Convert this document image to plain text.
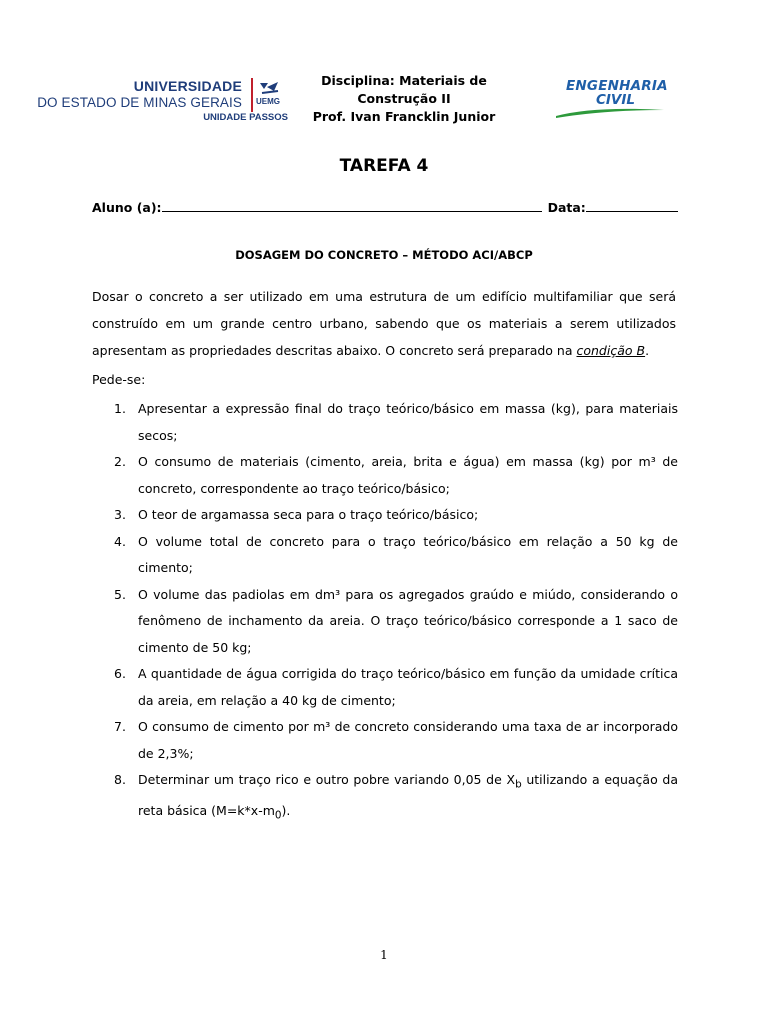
UNIVERSIDADE
DO ESTADO DE MINAS GERAIS
UNIDADE PASSOS
UEMG
Disciplina: Materiais de Construção II
Prof. Ivan Francklin Junior
ENGENHARIA
CIVIL
TAREFA 4
Aluno (a):	Data:
DOSAGEM DO CONCRETO – MÉTODO ACI/ABCP

Dosar o concreto a ser utilizado em uma estrutura de um edifício multifamiliar que será construído em um grande centro urbano, sabendo que os materiais a serem utilizados apresentam as propriedades descritas abaixo. O concreto será preparado na condição B.

Pede-se:
1. Apresentar a expressão final do traço teórico/básico em massa (kg), para materiais secos;
2. O consumo de materiais (cimento, areia, brita e água) em massa (kg) por m³ de concreto, correspondente ao traço teórico/básico;
3. O teor de argamassa seca para o traço teórico/básico;
4. O volume total de concreto para o traço teórico/básico em relação a 50 kg de cimento;
5. O volume das padiolas em dm³ para os agregados graúdo e miúdo, considerando o fenômeno de inchamento da areia. O traço teórico/básico corresponde a 1 saco de cimento de 50 kg;
6. A quantidade de água corrigida do traço teórico/básico em função da umidade crítica da areia, em relação a 40 kg de cimento;
7. O consumo de cimento por m³ de concreto considerando uma taxa de ar incorporado de 2,3%;
8. Determinar um traço rico e outro pobre variando 0,05 de $X_b$ utilizando a equação da reta básica $(M=k*x-m_0)$.
1
